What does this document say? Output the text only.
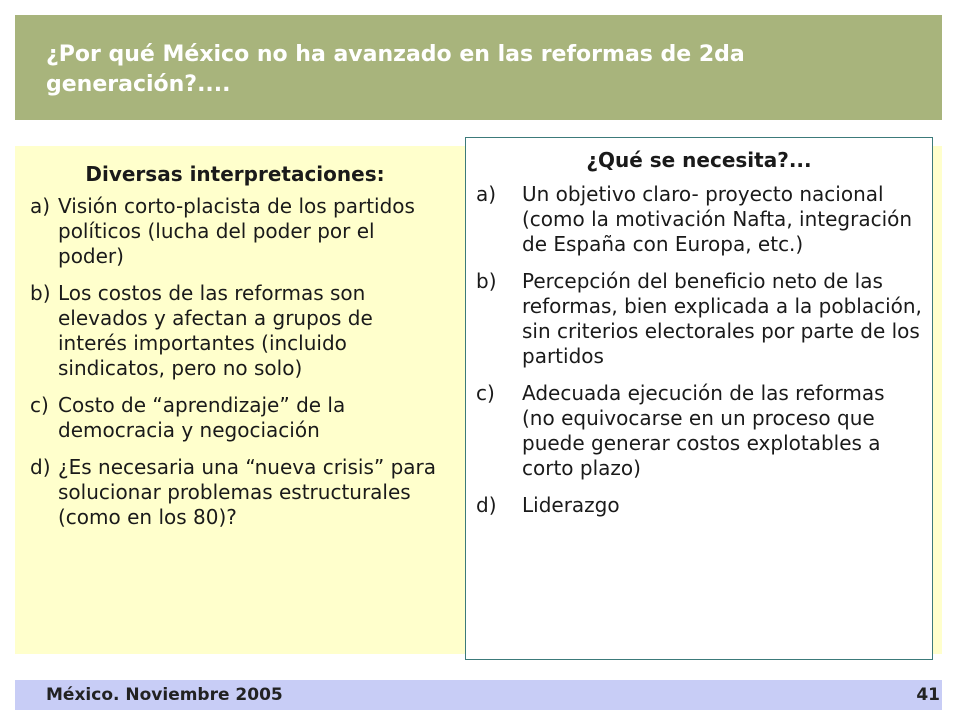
¿Por qué México no ha avanzado en las reformas de 2da generación?....
Diversas interpretaciones:
a) Visión corto-placista de los partidos políticos (lucha del poder por el poder)
b) Los costos de las reformas son elevados y afectan a grupos de interés importantes (incluido sindicatos, pero no solo)
c) Costo de “aprendizaje” de la democracia y negociación
d) ¿Es necesaria una “nueva crisis” para solucionar problemas estructurales (como en los 80)?
¿Qué se necesita?...
a)	Un objetivo claro- proyecto nacional (como la motivación Nafta, integración de España con Europa, etc.)
b)	Percepción del beneficio neto de las reformas, bien explicada a la población, sin criterios electorales por parte de los partidos
c)	Adecuada ejecución de las reformas (no equivocarse en un proceso que puede generar costos explotables a corto plazo)
d)	Liderazgo
México. Noviembre 2005	41
